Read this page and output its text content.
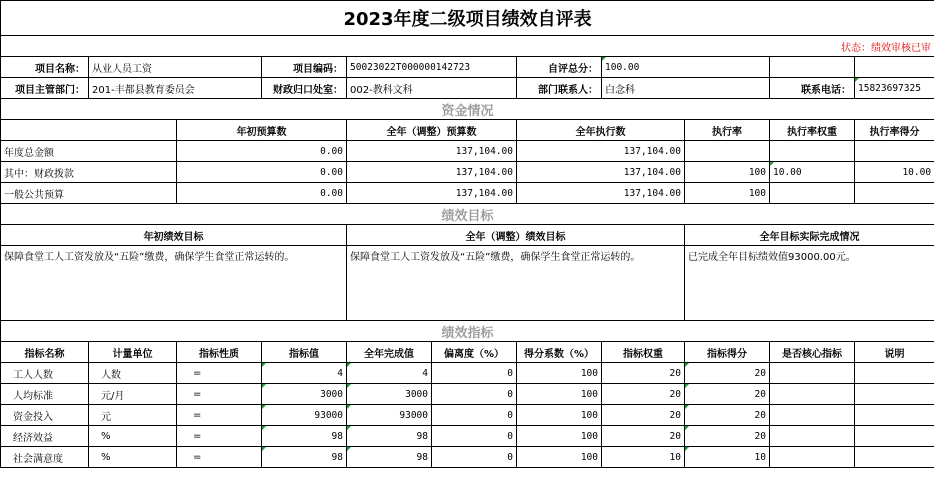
2023年度二级项目绩效自评表										
状态：绩效审核已审										
项目名称：	从业人员工资		项目编码：	50023022T000000142723		自评总分：	100.00			
项目主管部门：	201-丰都县教育委员会		财政归口处室：	002-教科文科		部门联系人：	白念科		联系电话：	15823697325
资金情况										
		年初预算数		全年（调整）预算数		全年执行数		执行率	执行率权重	执行率得分
年度总金额		0.00		137,104.00		137,104.00				
其中：财政拨款		0.00		137,104.00		137,104.00		100	10.00	10.00
一般公共预算		0.00		137,104.00		137,104.00		100		
绩效目标										
年初绩效目标				全年（调整）绩效目标				全年目标实际完成情况		
保障食堂工人工资发放及“五险”缴费，确保学生食堂正常运转的。				保障食堂工人工资发放及“五险”缴费，确保学生食堂正常运转的。				已完成全年目标绩效值93000.00元。		
绩效指标										
指标名称	计量单位	指标性质	指标值	全年完成值	偏离度（%）	得分系数（%）	指标权重	指标得分	是否核心指标	说明
工人人数	人数	=	4	4	0	100	20	20		
人均标准	元/月	=	3000	3000	0	100	20	20		
资金投入	元	=	93000	93000	0	100	20	20		
经济效益	%	=	98	98	0	100	20	20		
社会满意度	%	=	98	98	0	100	10	10		
